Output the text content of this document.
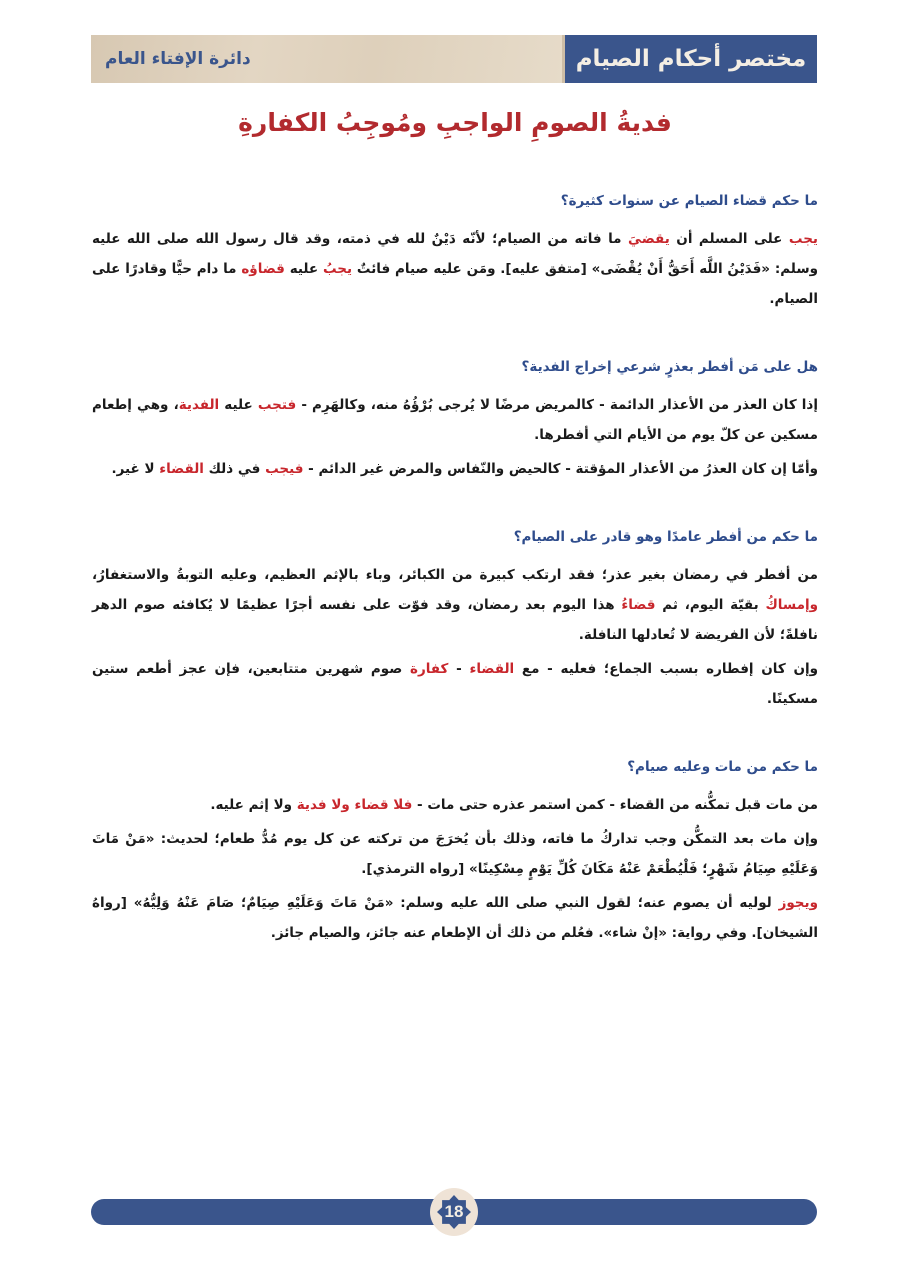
مختصر أحكام الصيام
دائرة الإفتاء العام
فديةُ الصومِ الواجبِ ومُوجِبُ الكفارةِ
ما حكم قضاء الصيام عن سنوات كثيرة؟

يجب على المسلم أن يقضيَ ما فاته من الصيام؛ لأنّه دَيْنٌ لله في ذمته، وقد قال رسول الله صلى الله عليه وسلم: «فَدَيْنُ اللَّه أَحَقُّ أَنْ يُقْضَى» [متفق عليه]. ومَن عليه صيام فائتٌ يجبُ عليه قضاؤه ما دام حيًّا وقادرًا على الصيام.

هل على مَن أفطر بعذرٍ شرعي إخراج الفدية؟

إذا كان العذر من الأعذار الدائمة - كالمريض مرضًا لا يُرجى بُرْؤُهُ منه، وكالهَرِم - فتجب عليه الفدية، وهي إطعام مسكين عن كلّ يوم من الأيام التي أفطرها.

وأمّا إن كان العذرُ من الأعذار المؤقتة - كالحيض والنّفاس والمرض غير الدائم - فيجب في ذلك القضاء لا غير.

ما حكم من أفطر عامدًا وهو قادر على الصيام؟

من أفطر في رمضان بغير عذر؛ فقد ارتكب كبيرة من الكبائر، وباء بالإثم العظيم، وعليه التوبةُ والاستغفارُ، وإمساكُ بقيّة اليوم، ثم قضاءُ هذا اليوم بعد رمضان، وقد فوّت على نفسه أجرًا عظيمًا لا يُكافئه صوم الدهر نافلةً؛ لأن الفريضة لا تُعادلها النافلة.

وإن كان إفطاره بسبب الجماع؛ فعليه - مع القضاء - كفارة صوم شهرين متتابعين، فإن عجز أطعم ستين مسكينًا.

ما حكم من مات وعليه صيام؟

من مات قبل تمكُّنه من القضاء - كمن استمر عذره حتى مات - فلا قضاء ولا فدية ولا إثم عليه.

وإن مات بعد التمكُّن وجب تداركُ ما فاته، وذلك بأن يُخرَجَ من تركته عن كل يوم مُدُّ طعام؛ لحديث: «مَنْ مَاتَ وَعَلَيْهِ صِيَامُ شَهْرٍ؛ فَلْيُطْعَمْ عَنْهُ مَكَانَ كُلِّ يَوْمٍ مِسْكِينًا» [رواه الترمذي].

ويجوز لوليه أن يصوم عنه؛ لقول النبي صلى الله عليه وسلم: «مَنْ مَاتَ وَعَلَيْهِ صِيَامٌ؛ صَامَ عَنْهُ وَلِيُّهُ» [رواهُ الشيخان]. وفي رواية: «إنْ شاء». فعُلم من ذلك أن الإطعام عنه جائز، والصيام جائز.

18
